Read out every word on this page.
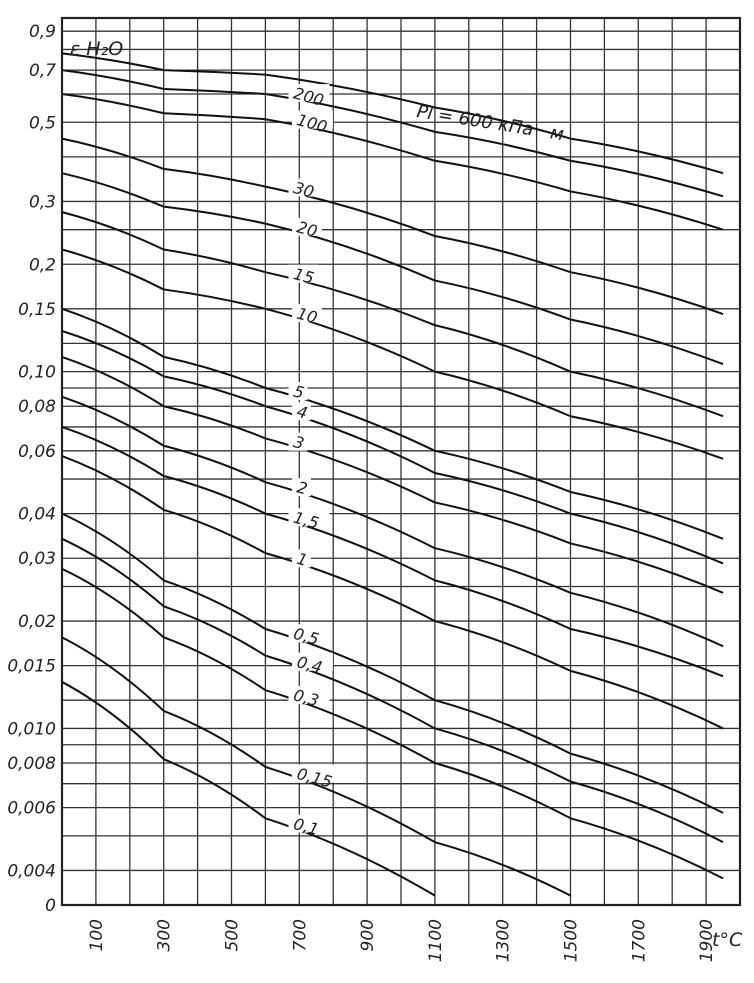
200
100
30
20
15
10
5
4
3
2
1,5
1
0,5
0,4
0,3
0,15
0,1
0
0,004
0,006
0,008
0,010
0,015
0,02
0,03
0,04
0,06
0,08
0,10
0,15
0,2
0,3
0,5
0,7
0,9
100	300	500	700	900	1100	1300	1500	1700	1900
ε H₂O
t°C
Pl = 600 кПа · м
